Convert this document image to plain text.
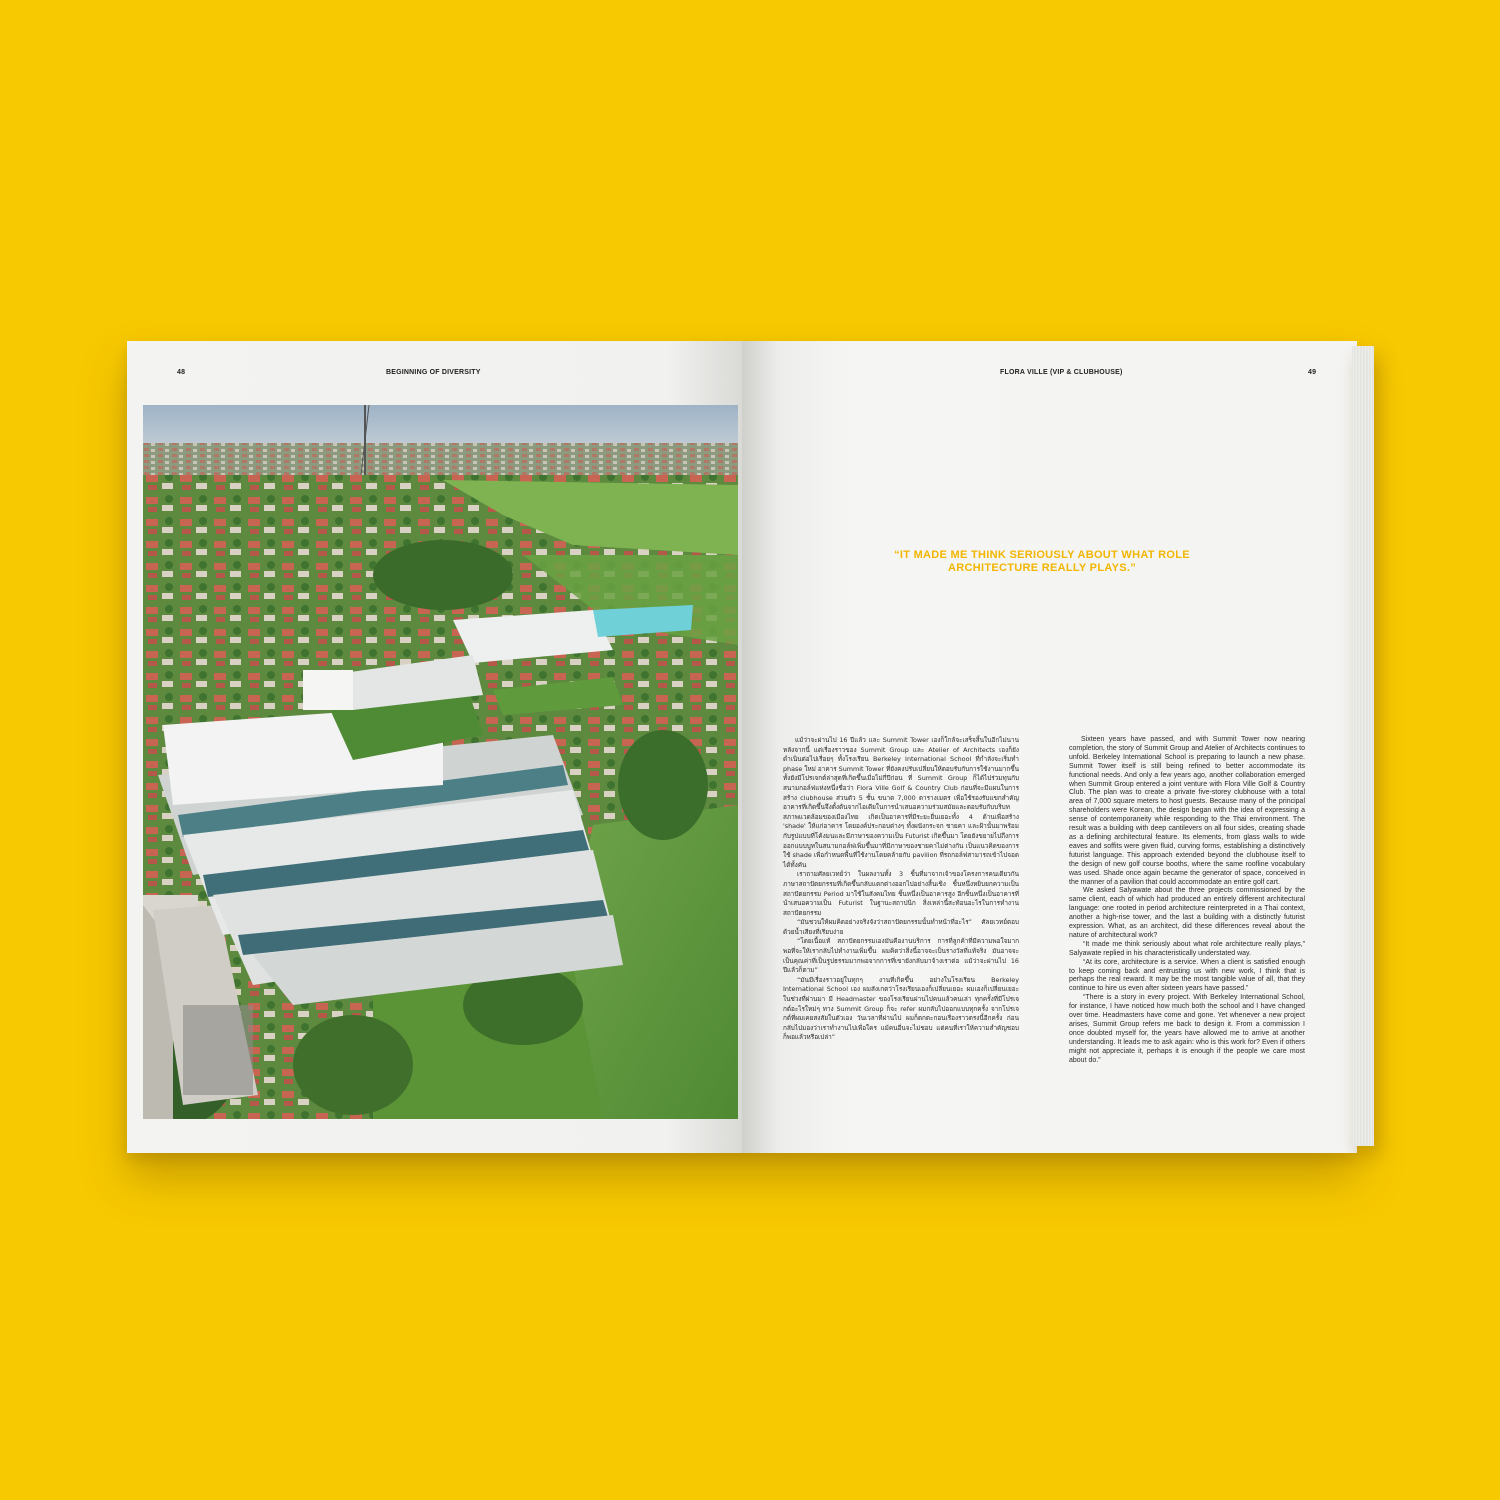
48	BEGINNING OF DIVERSITY	FLORA VILLE (VIP & CLUBHOUSE)	49
“IT MADE ME THINK SERIOUSLY ABOUT WHAT ROLE ARCHITECTURE REALLY PLAYS.”

แม้ว่าจะผ่านไป 16 ปีแล้ว และ Summit Tower เองก็ใกล้จะเสร็จสิ้นในอีกไม่นาน หลังจากนี้ แต่เรื่องราวของ Summit Group และ Atelier of Architects เองก็ยังดำเนินต่อไปเรื่อยๆ ทั้งโรงเรียน Berkeley International School ที่กำลังจะเริ่มทำ phase ใหม่ อาคาร Summit Tower ที่ยังคงปรับเปลี่ยนให้ตอบรับกับการใช้งานมากขึ้น ทั้งยังมีโปรเจกต์ล่าสุดที่เกิดขึ้นเมื่อไม่กี่ปีก่อน ที่ Summit Group ก็ได้ไปร่วมทุนกับสนามกอล์ฟแห่งหนึ่งชื่อว่า Flora Ville Golf & Country Club ก่อนที่จะมีแผนในการสร้าง clubhouse ส่วนตัว 5 ชั้น ขนาด 7,000 ตารางเมตร เพื่อใช้รองรับแขกสำคัญ อาคารที่เกิดขึ้นจึงตั้งต้นจากไอเดียในการนำเสนอความร่วมสมัยและตอบรับกับบริบทสภาพแวดล้อมของเมืองไทย เกิดเป็นอาคารที่มีระยะยื่นเยอะทั้ง 4 ด้านเพื่อสร้าง 'shade' ให้แก่อาคาร โดยองค์ประกอบต่างๆ ทั้งผนังกระจก ชายคา และฝ้านั้นมาพร้อมกับรูปแบบที่โค้งมนและมีภาษาของความเป็น Futurist เกิดขึ้นมา โดยยังขยายไปถึงการออกแบบบูทในสนามกอล์ฟเพิ่มขึ้นมาที่มีภาษาของชายคาไม่ต่างกัน เป็นแนวคิดของการใช้ shade เพื่อกำหนดพื้นที่ใช้งานโดยคล้ายกับ pavilion ที่รถกอล์ฟสามารถเข้าไปจอดได้ทั้งคัน

เราถามศัลยเวทย์ว่า ในผลงานทั้ง 3 ชิ้นที่มาจากเจ้าของโครงการคนเดียวกัน ภาษาสถาปัตยกรรมที่เกิดขึ้นกลับแตกต่างออกไปอย่างสิ้นเชิง ชิ้นหนึ่งหยิบยกความเป็นสถาปัตยกรรม Period มาใช้ในสังคมไทย ชิ้นหนึ่งเป็นอาคารสูง อีกชิ้นหนึ่งเป็นอาคารที่นำเสนอความเป็น Futurist ในฐานะสถาปนิก สิ่งเหล่านี้สะท้อนอะไรในการทำงานสถาปัตยกรรม

“มันชวนให้ผมคิดอย่างจริงจังว่าสถาปัตยกรรมนั้นทำหน้าที่อะไร” ศัลยเวทย์ตอบด้วยน้ำเสียงที่เรียบง่าย

“โดยเนื้อแท้ สถาปัตยกรรมเองมันคืองานบริการ การที่ลูกค้าที่มีความพอใจมากพอที่จะให้เรากลับไปทำงานเพิ่มขึ้น ผมคิดว่าสิ่งนี้อาจจะเป็นรางวัลที่แท้จริง มันอาจจะเป็นคุณค่าที่เป็นรูปธรรมมากพอจากการที่เขายังกลับมาจ้างเราต่อ แม้ว่าจะผ่านไป 16 ปีแล้วก็ตาม”

“มันมีเรื่องราวอยู่ในทุกๆ งานที่เกิดขึ้น อย่างในโรงเรียน Berkeley International School เอง ผมสังเกตว่าโรงเรียนเองก็เปลี่ยนเยอะ ผมเองก็เปลี่ยนเยอะ ในช่วงที่ผ่านมา มี Headmaster ของโรงเรียนผ่านไปคนแล้วคนเล่า ทุกครั้งที่มีโปรเจกต์อะไรใหม่ๆ ทาง Summit Group ก็จะ refer ผมกลับไปออกแบบทุกครั้ง จากโปรเจกต์ที่ผมเคยสงสัยในตัวเอง วันเวลาที่ผ่านไป ผมก็ตกตะกอนเรื่องราวตรงนี้อีกครั้ง ก่อนกลับไปมองว่าเราทำงานไปเพื่อใคร แม้คนอื่นจะไม่ชอบ แต่คนที่เราให้ความสำคัญชอบก็พอแล้วหรือเปล่า”

Sixteen years have passed, and with Summit Tower now nearing completion, the story of Summit Group and Atelier of Architects continues to unfold. Berkeley International School is preparing to launch a new phase. Summit Tower itself is still being refined to better accommodate its functional needs. And only a few years ago, another collaboration emerged when Summit Group entered a joint venture with Flora Ville Golf & Country Club. The plan was to create a private five-storey clubhouse with a total area of 7,000 square meters to host guests. Because many of the principal shareholders were Korean, the design began with the idea of expressing a sense of contemporaneity while responding to the Thai environment. The result was a building with deep cantilevers on all four sides, creating shade as a defining architectural feature. Its elements, from glass walls to wide eaves and soffits were given fluid, curving forms, establishing a distinctively futurist language. This approach extended beyond the clubhouse itself to the design of new golf course booths, where the same roofline vocabulary was used. Shade once again became the generator of space, conceived in the manner of a pavilion that could accommodate an entire golf cart.

We asked Salyawate about the three projects commissioned by the same client, each of which had produced an entirely different architectural language: one rooted in period architecture reinterpreted in a Thai context, another a high-rise tower, and the last a building with a distinctly futurist expression. What, as an architect, did these differences reveal about the nature of architectural work?

“It made me think seriously about what role architecture really plays,” Salyawate replied in his characteristically understated way.

“At its core, architecture is a service. When a client is satisfied enough to keep coming back and entrusting us with new work, I think that is perhaps the real reward. It may be the most tangible value of all, that they continue to hire us even after sixteen years have passed.”

“There is a story in every project. With Berkeley International School, for instance, I have noticed how much both the school and I have changed over time. Headmasters have come and gone. Yet whenever a new project arises, Summit Group refers me back to design it. From a commission I once doubted myself for, the years have allowed me to arrive at another understanding. It leads me to ask again: who is this work for? Even if others might not appreciate it, perhaps it is enough if the people we care most about do.”
